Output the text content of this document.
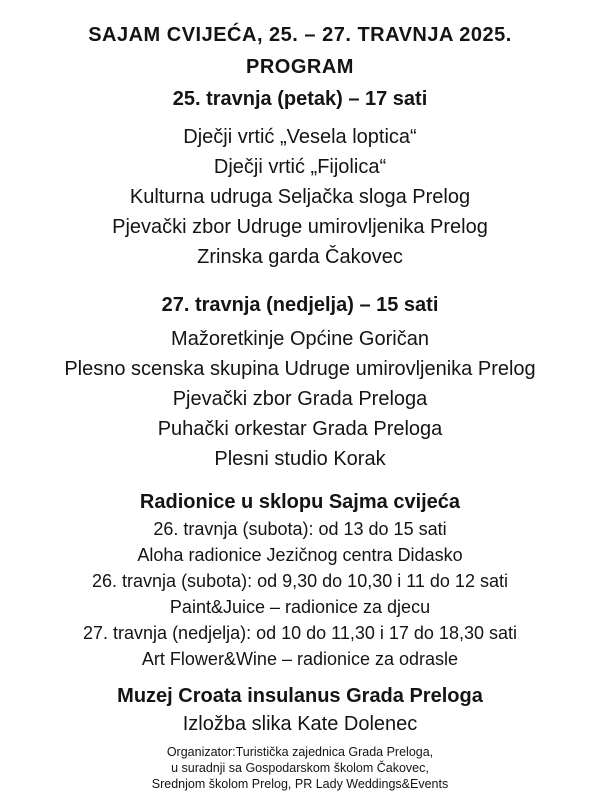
SAJAM CVIJEĆA, 25. – 27. TRAVNJA 2025.
PROGRAM
25. travnja (petak) – 17 sati
Dječji vrtić „Vesela loptica“
Dječji vrtić „Fijolica“
Kulturna udruga Seljačka sloga Prelog
Pjevački zbor Udruge umirovljenika Prelog
Zrinska garda Čakovec
27. travnja (nedjelja) – 15 sati
Mažoretkinje Općine Goričan
Plesno scenska skupina Udruge umirovljenika Prelog
Pjevački zbor Grada Preloga
Puhački orkestar Grada Preloga
Plesni studio Korak
Radionice u sklopu Sajma cvijeća
26. travnja (subota): od 13 do 15 sati
Aloha radionice Jezičnog centra Didasko
26. travnja (subota): od 9,30 do 10,30 i 11 do 12 sati
Paint&Juice – radionice za djecu
27. travnja (nedjelja): od 10 do 11,30 i 17 do 18,30 sati
Art Flower&Wine – radionice za odrasle
Muzej Croata insulanus Grada Preloga
Izložba slika Kate Dolenec
Organizator:Turistička zajednica Grada Preloga,
u suradnji sa Gospodarskom školom Čakovec,
Srednjom školom Prelog, PR Lady Weddings&Events
